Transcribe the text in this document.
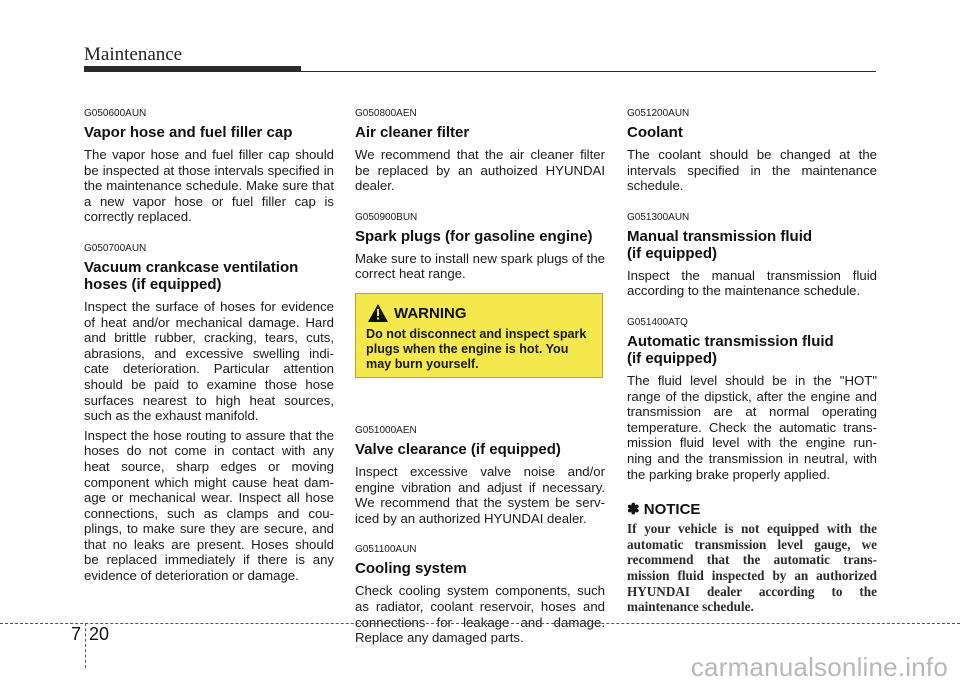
Maintenance
G050600AUN
Vapor hose and fuel filler cap

The vapor hose and fuel filler cap should be inspected at those intervals specified in the maintenance schedule. Make sure that a new vapor hose or fuel filler cap is correctly replaced.

G050700AUN
Vacuum crankcase ventilation
hoses (if equipped)

Inspect the surface of hoses for evidence of heat and/or mechanical damage. Hard and brittle rubber, cracking, tears, cuts, abrasions, and excessive swelling indi- cate deterioration. Particular attention should be paid to examine those hose surfaces nearest to high heat sources, such as the exhaust manifold.

Inspect the hose routing to assure that the hoses do not come in contact with any heat source, sharp edges or moving component which might cause heat dam- age or mechanical wear. Inspect all hose connections, such as clamps and cou- plings, to make sure they are secure, and that no leaks are present. Hoses should be replaced immediately if there is any evidence of deterioration or damage.

G050800AEN
Air cleaner filter

We recommend that the air cleaner filter be replaced by an authoized HYUNDAI dealer.

G050900BUN
Spark plugs (for gasoline engine)

Make sure to install new spark plugs of the correct heat range.

G051000AEN
Valve clearance (if equipped)

Inspect excessive valve noise and/or engine vibration and adjust if necessary. We recommend that the system be serv- iced by an authorized HYUNDAI dealer.

G051100AUN
Cooling system

Check cooling system components, such as radiator, coolant reservoir, hoses and connections for leakage and damage. Replace any damaged parts.

WARNING
Do not disconnect and inspect spark plugs when the engine is hot. You may burn yourself.
G051200AUN
Coolant

The coolant should be changed at the intervals specified in the maintenance schedule.

G051300AUN
Manual transmission fluid
(if equipped)

Inspect the manual transmission fluid according to the maintenance schedule.

G051400ATQ
Automatic transmission fluid
(if equipped)

The fluid level should be in the "HOT" range of the dipstick, after the engine and transmission are at normal operating temperature. Check the automatic trans- mission fluid level with the engine run- ning and the transmission in neutral, with the parking brake properly applied.

✽ NOTICE
If your vehicle is not equipped with the automatic transmission level gauge, we recommend that the automatic trans- mission fluid inspected by an authorized HYUNDAI dealer according to the maintenance schedule.
7 20
carmanualsonline.info
